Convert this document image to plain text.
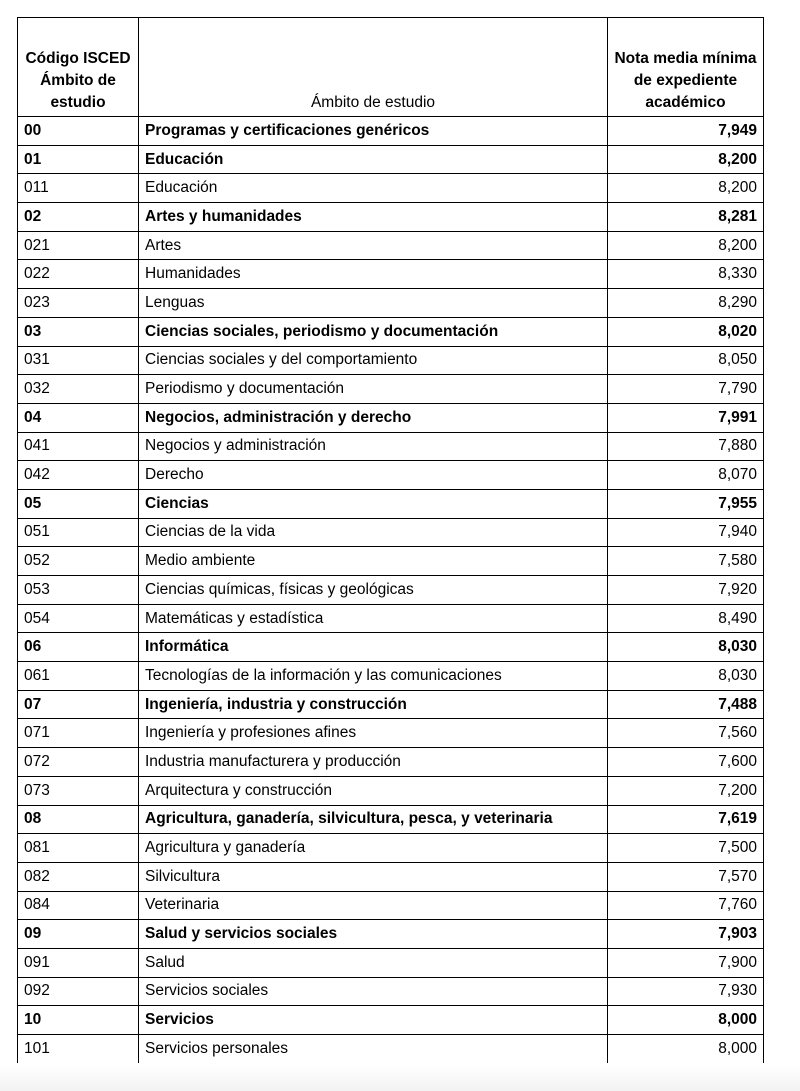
Código ISCED Ámbito de estudio	Ámbito de estudio	Nota media mínima de expediente académico
00	Programas y certificaciones genéricos	7,949
01	Educación	8,200
011	Educación	8,200
02	Artes y humanidades	8,281
021	Artes	8,200
022	Humanidades	8,330
023	Lenguas	8,290
03	Ciencias sociales, periodismo y documentación	8,020
031	Ciencias sociales y del comportamiento	8,050
032	Periodismo y documentación	7,790
04	Negocios, administración y derecho	7,991
041	Negocios y administración	7,880
042	Derecho	8,070
05	Ciencias	7,955
051	Ciencias de la vida	7,940
052	Medio ambiente	7,580
053	Ciencias químicas, físicas y geológicas	7,920
054	Matemáticas y estadística	8,490
06	Informática	8,030
061	Tecnologías de la información y las comunicaciones	8,030
07	Ingeniería, industria y construcción	7,488
071	Ingeniería y profesiones afines	7,560
072	Industria manufacturera y producción	7,600
073	Arquitectura y construcción	7,200
08	Agricultura, ganadería, silvicultura, pesca, y veterinaria	7,619
081	Agricultura y ganadería	7,500
082	Silvicultura	7,570
084	Veterinaria	7,760
09	Salud y servicios sociales	7,903
091	Salud	7,900
092	Servicios sociales	7,930
10	Servicios	8,000
101	Servicios personales	8,000
